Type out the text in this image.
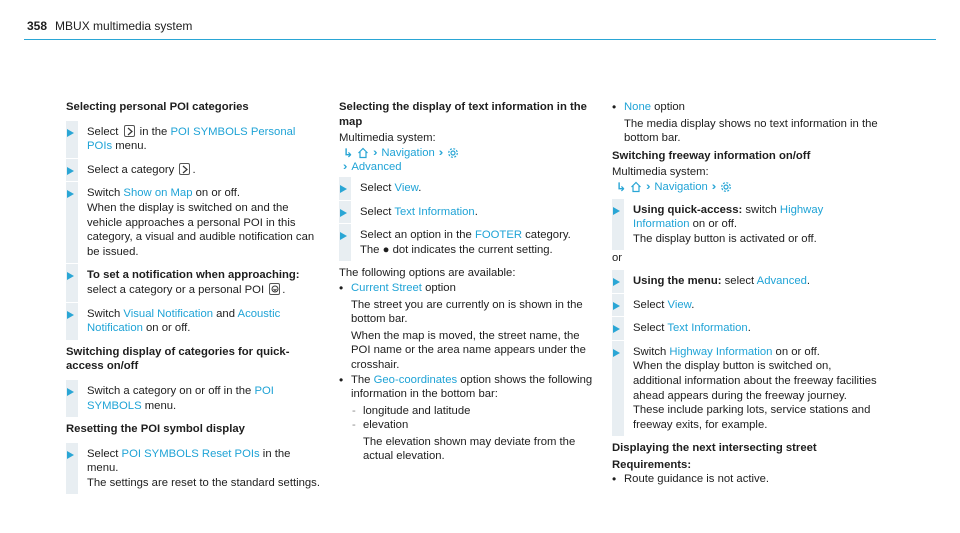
358 MBUX multimedia system
Selecting personal POI categories
Select
in the POI SYMBOLS Personal POIs menu.
Select a category
.
Switch Show on Map on or off.
When the display is switched on and the vehicle approaches a personal POI in this category, a visual and audible notification can be issued.
To set a notification when approaching:
select a category or a personal POI
.
Switch Visual Notification and Acoustic Notification on or off.
Switching display of categories for quick-access on/off
Switch a category on or off in the POI SYMBOLS menu.
Resetting the POI symbol display
Select POI SYMBOLS Reset POIs in the menu.
The settings are reset to the standard settings.
Selecting the display of text information in the map
Multimedia system:
↳ ›› Navigation ››
›› Advanced
Select View.
Select Text Information.
Select an option in the FOOTER category.
The ● dot indicates the current setting.
The following options are available:
• Current Street option
The street you are currently on is shown in the bottom bar.
When the map is moved, the street name, the POI name or the area name appears under the crosshair.
• The Geo-coordinates option shows the following information in the bottom bar:
- longitude and latitude
- elevation
The elevation shown may deviate from the actual elevation.
• None option
The media display shows no text information in the bottom bar.
Switching freeway information on/off
Multimedia system:
↳ ›› Navigation ››
Using quick-access: switch Highway Information on or off.
The display button is activated or off.
or
Using the menu: select Advanced.
Select View.
Select Text Information.
Switch Highway Information on or off.
When the display button is switched on, additional information about the freeway facilities ahead appears during the freeway journey. These include parking lots, service stations and freeway exits, for example.
Displaying the next intersecting street
Requirements:
• Route guidance is not active.
